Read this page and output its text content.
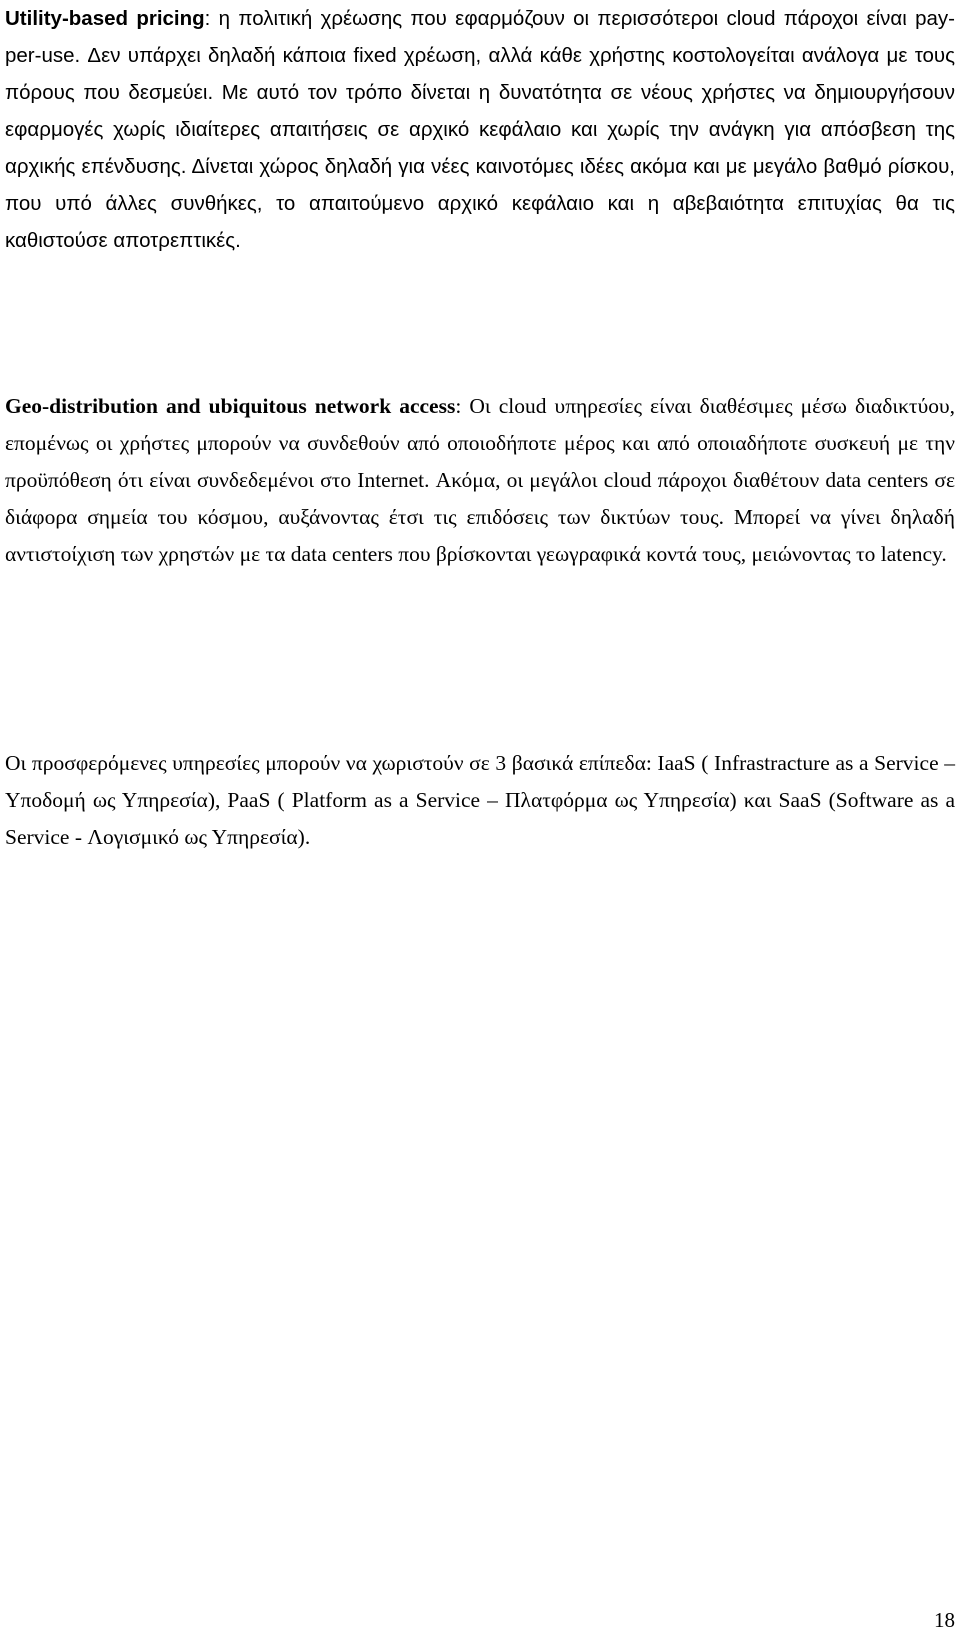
Utility-based pricing: η πολιτική χρέωσης που εφαρμόζουν οι περισσότεροι cloud πάροχοι είναι pay-per-use. Δεν υπάρχει δηλαδή κάποια fixed χρέωση, αλλά κάθε χρήστης κοστολογείται ανάλογα με τους πόρους που δεσμεύει. Με αυτό τον τρόπο δίνεται η δυνατότητα σε νέους χρήστες να δημιουργήσουν εφαρμογές χωρίς ιδιαίτερες απαιτήσεις σε αρχικό κεφάλαιο και χωρίς την ανάγκη για απόσβεση της αρχικής επένδυσης. Δίνεται χώρος δηλαδή για νέες καινοτόμες ιδέες ακόμα και με μεγάλο βαθμό ρίσκου, που υπό άλλες συνθήκες, το απαιτούμενο αρχικό κεφάλαιο και η αβεβαιότητα επιτυχίας θα τις καθιστούσε αποτρεπτικές.

Geo-distribution and ubiquitous network access: Οι cloud υπηρεσίες είναι διαθέσιμες μέσω διαδικτύου, επομένως οι χρήστες μπορούν να συνδεθούν από οποιοδήποτε μέρος και από οποιαδήποτε συσκευή με την προϋπόθεση ότι είναι συνδεδεμένοι στο Internet. Ακόμα, οι μεγάλοι cloud πάροχοι διαθέτουν data centers σε διάφορα σημεία του κόσμου, αυξάνοντας έτσι τις επιδόσεις των δικτύων τους. Μπορεί να γίνει δηλαδή αντιστοίχιση των χρηστών με τα data centers που βρίσκονται γεωγραφικά κοντά τους, μειώνοντας το latency.

Οι προσφερόμενες υπηρεσίες μπορούν να χωριστούν σε 3 βασικά επίπεδα: IaaS ( Infrastracture as a Service – Υποδομή ως Υπηρεσία), PaaS ( Platform as a Service – Πλατφόρμα ως Υπηρεσία) και SaaS (Software as a Service - Λογισμικό ως Υπηρεσία).

18
